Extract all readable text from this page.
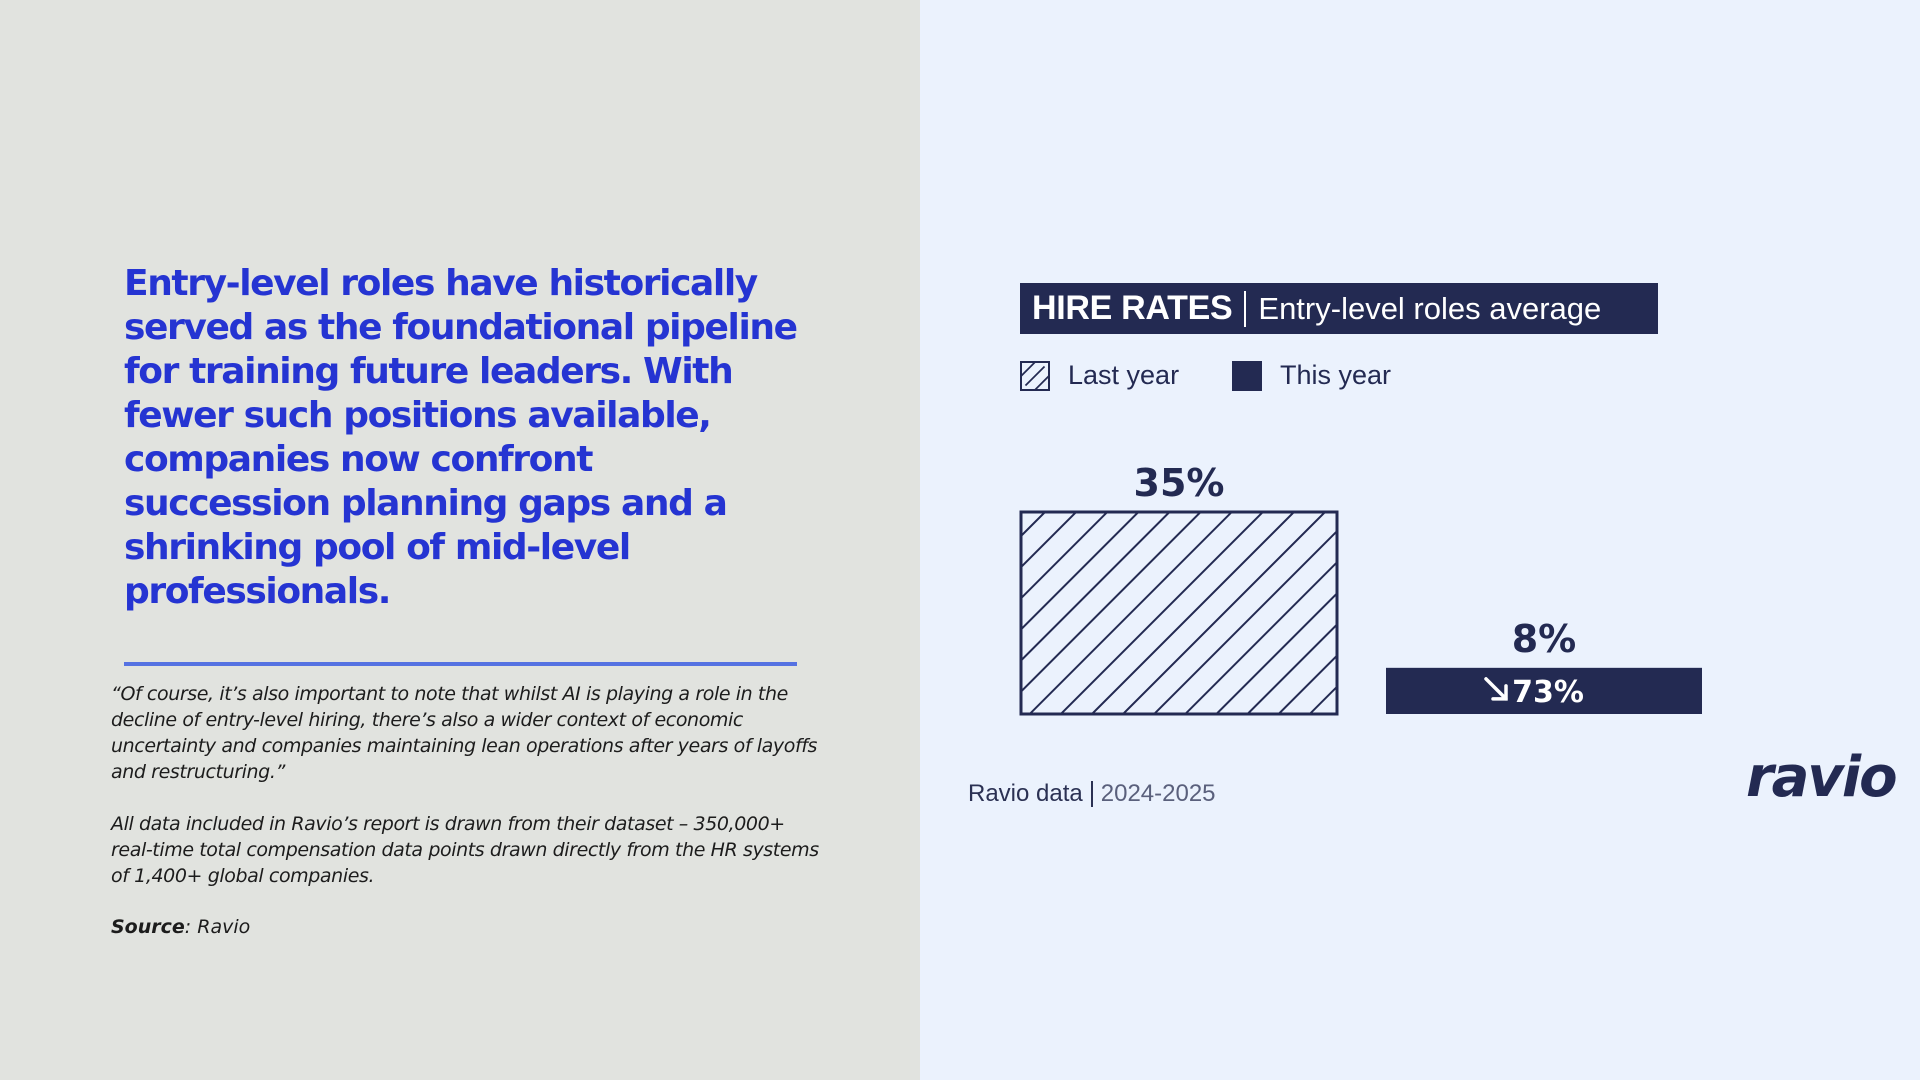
Entry-level roles have historically served as the foundational pipeline for training future leaders. With fewer such positions available, companies now confront succession planning gaps and a shrinking pool of mid-level professionals.

“Of course, it’s also important to note that whilst AI is playing a role in the decline of entry-level hiring, there’s also a wider context of economic uncertainty and companies maintaining lean operations after years of layoffs and restructuring.”

All data included in Ravio’s report is drawn from their dataset – 350,000+ real-time total compensation data points drawn directly from the HR systems of 1,400+ global companies.

Source: Ravio

HIRE RATES Entry-level roles average
Last year	This year
35%
8%
73%
Ravio data 2024-2025	ravio
